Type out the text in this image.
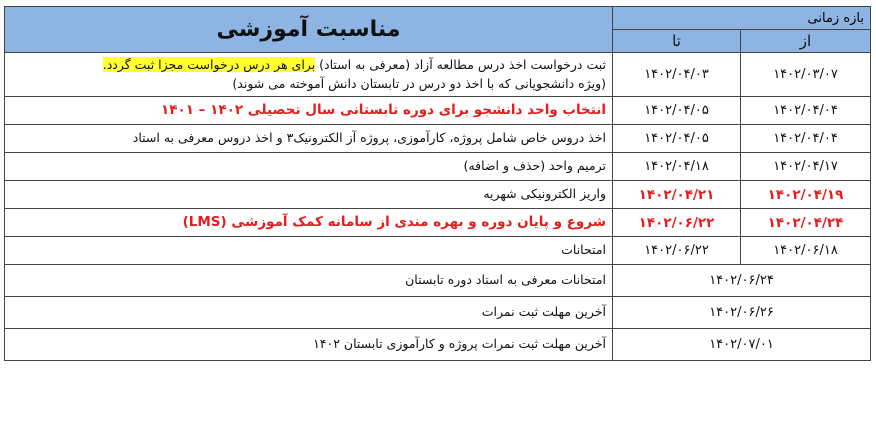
بازه زمانی		مناسبت آموزشی
از	تا	
۱۴۰۲/۰۳/۰۷	۱۴۰۲/۰۴/۰۳	ثبت درخواست اخذ درس مطالعه آزاد (معرفی به استاد) برای هر درس درخواست مجزا ثبت گردد.
(ویژه دانشجویانی که با اخذ دو درس در تابستان دانش آموخته می شوند)
۱۴۰۲/۰۴/۰۴	۱۴۰۲/۰۴/۰۵	انتخاب واحد دانشجو برای دوره تابستانی سال تحصیلی ۱۴۰۲ – ۱۴۰۱
۱۴۰۲/۰۴/۰۴	۱۴۰۲/۰۴/۰۵	اخذ دروس خاص شامل پروژه، کارآموزی، پروژه آز الکترونیک۳ و اخذ دروس معرفی به استاد
۱۴۰۲/۰۴/۱۷	۱۴۰۲/۰۴/۱۸	ترمیم واحد (حذف و اضافه)
۱۴۰۲/۰۴/۱۹	۱۴۰۲/۰۴/۲۱	واریز الکترونیکی شهریه
۱۴۰۲/۰۴/۲۴	۱۴۰۲/۰۶/۲۲	شروع و پایان دوره و بهره مندی از سامانه کمک آموزشی (LMS)
۱۴۰۲/۰۶/۱۸	۱۴۰۲/۰۶/۲۲	امتحانات
۱۴۰۲/۰۶/۲۴		امتحانات معرفی به استاد دوره تابستان
۱۴۰۲/۰۶/۲۶		آخرین مهلت ثبت نمرات
۱۴۰۲/۰۷/۰۱		آخرین مهلت ثبت نمرات پروژه و کارآموزی تابستان ۱۴۰۲
